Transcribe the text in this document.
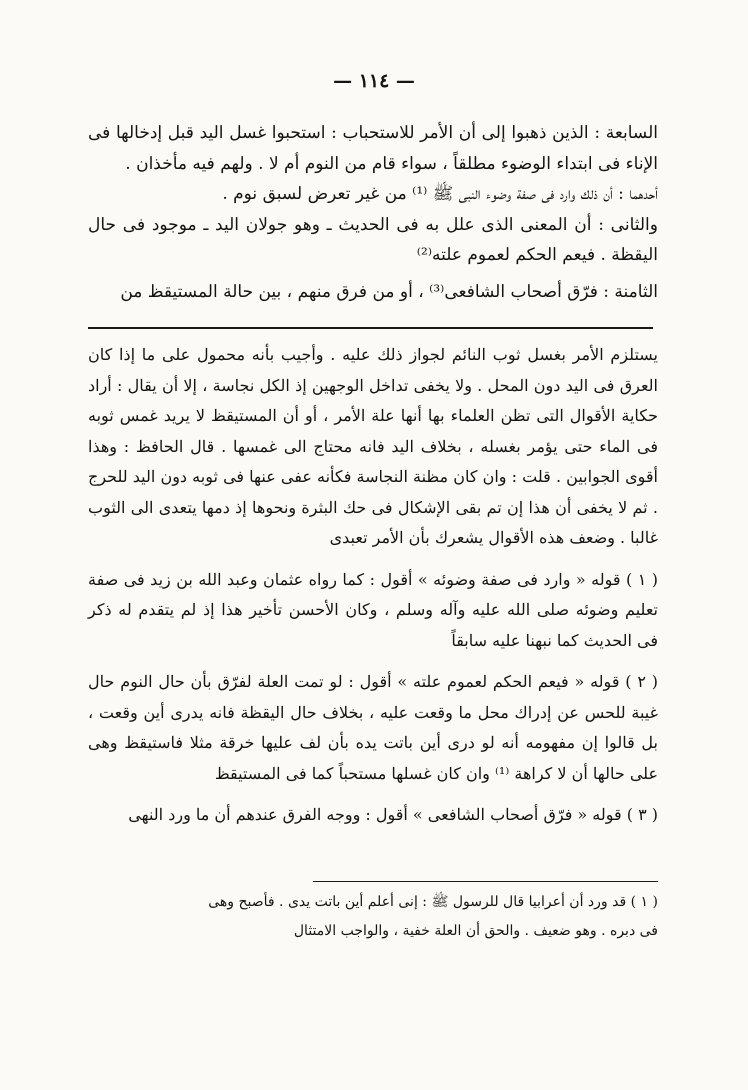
— ١١٤ —

السابعة : الذين ذهبوا إلى أن الأمر للاستحباب : استحبوا غسل اليد قبل إدخالها فى الإناء فى ابتداء الوضوء مطلقاً ، سواء قام من النوم أم لا . ولهم فيه مأخذان .

أحدهما : أن ذلك وارد فى صفة وضوء النبى ﷺ ⁽¹⁾ من غير تعرض لسبق نوم .

والثانى : أن المعنى الذى علل به فى الحديث ـ وهو جولان اليد ـ موجود فى حال اليقظة . فيعم الحكم لعموم علته⁽²⁾

الثامنة : فرّق أصحاب الشافعى⁽³⁾ ، أو من فرق منهم ، بين حالة المستيقظ من

يستلزم الأمر بغسل ثوب النائم لجواز ذلك عليه . وأجيب بأنه محمول على ما إذا كان العرق فى اليد دون المحل . ولا يخفى تداخل الوجهين إذ الكل نجاسة ، إلا أن يقال : أراد حكاية الأقوال التى تظن العلماء بها أنها علة الأمر ، أو أن المستيقظ لا يريد غمس ثوبه فى الماء حتى يؤمر بغسله ، بخلاف اليد فانه محتاج الى غمسها . قال الحافظ : وهذا أقوى الجوابين . قلت : وان كان مظنة النجاسة فكأنه عفى عنها فى ثوبه دون اليد للحرج . ثم لا يخفى أن هذا إن تم بقى الإشكال فى حك البثرة ونحوها إذ دمها يتعدى الى الثوب غالبا . وضعف هذه الأقوال يشعرك بأن الأمر تعبدى

( ١ ) قوله « وارد فى صفة وضوئه » أقول : كما رواه عثمان وعبد الله بن زيد فى صفة تعليم وضوئه صلى الله عليه وآله وسلم ، وكان الأحسن تأخير هذا إذ لم يتقدم له ذكر فى الحديث كما نبهنا عليه سابقاً

( ٢ ) قوله « فيعم الحكم لعموم علته » أقول : لو تمت العلة لفرّق بأن حال النوم حال غيبة للحس عن إدراك محل ما وقعت عليه ، بخلاف حال اليقظة فانه يدرى أين وقعت ، بل قالوا إن مفهومه أنه لو درى أين باتت يده بأن لف عليها خرقة مثلا فاستيقظ وهى على حالها أن لا كراهة ⁽¹⁾ وان كان غسلها مستحباً كما فى المستيقظ

( ٣ ) قوله « فرّق أصحاب الشافعى » أقول : ووجه الفرق عندهم أن ما ورد النهى

( ١ ) قد ورد أن أعرابيا قال للرسول ﷺ : إنى أعلم أين باتت يدى . فأصبح وهى

فى دبره . وهو ضعيف . والحق أن العلة خفية ، والواجب الامتثال
